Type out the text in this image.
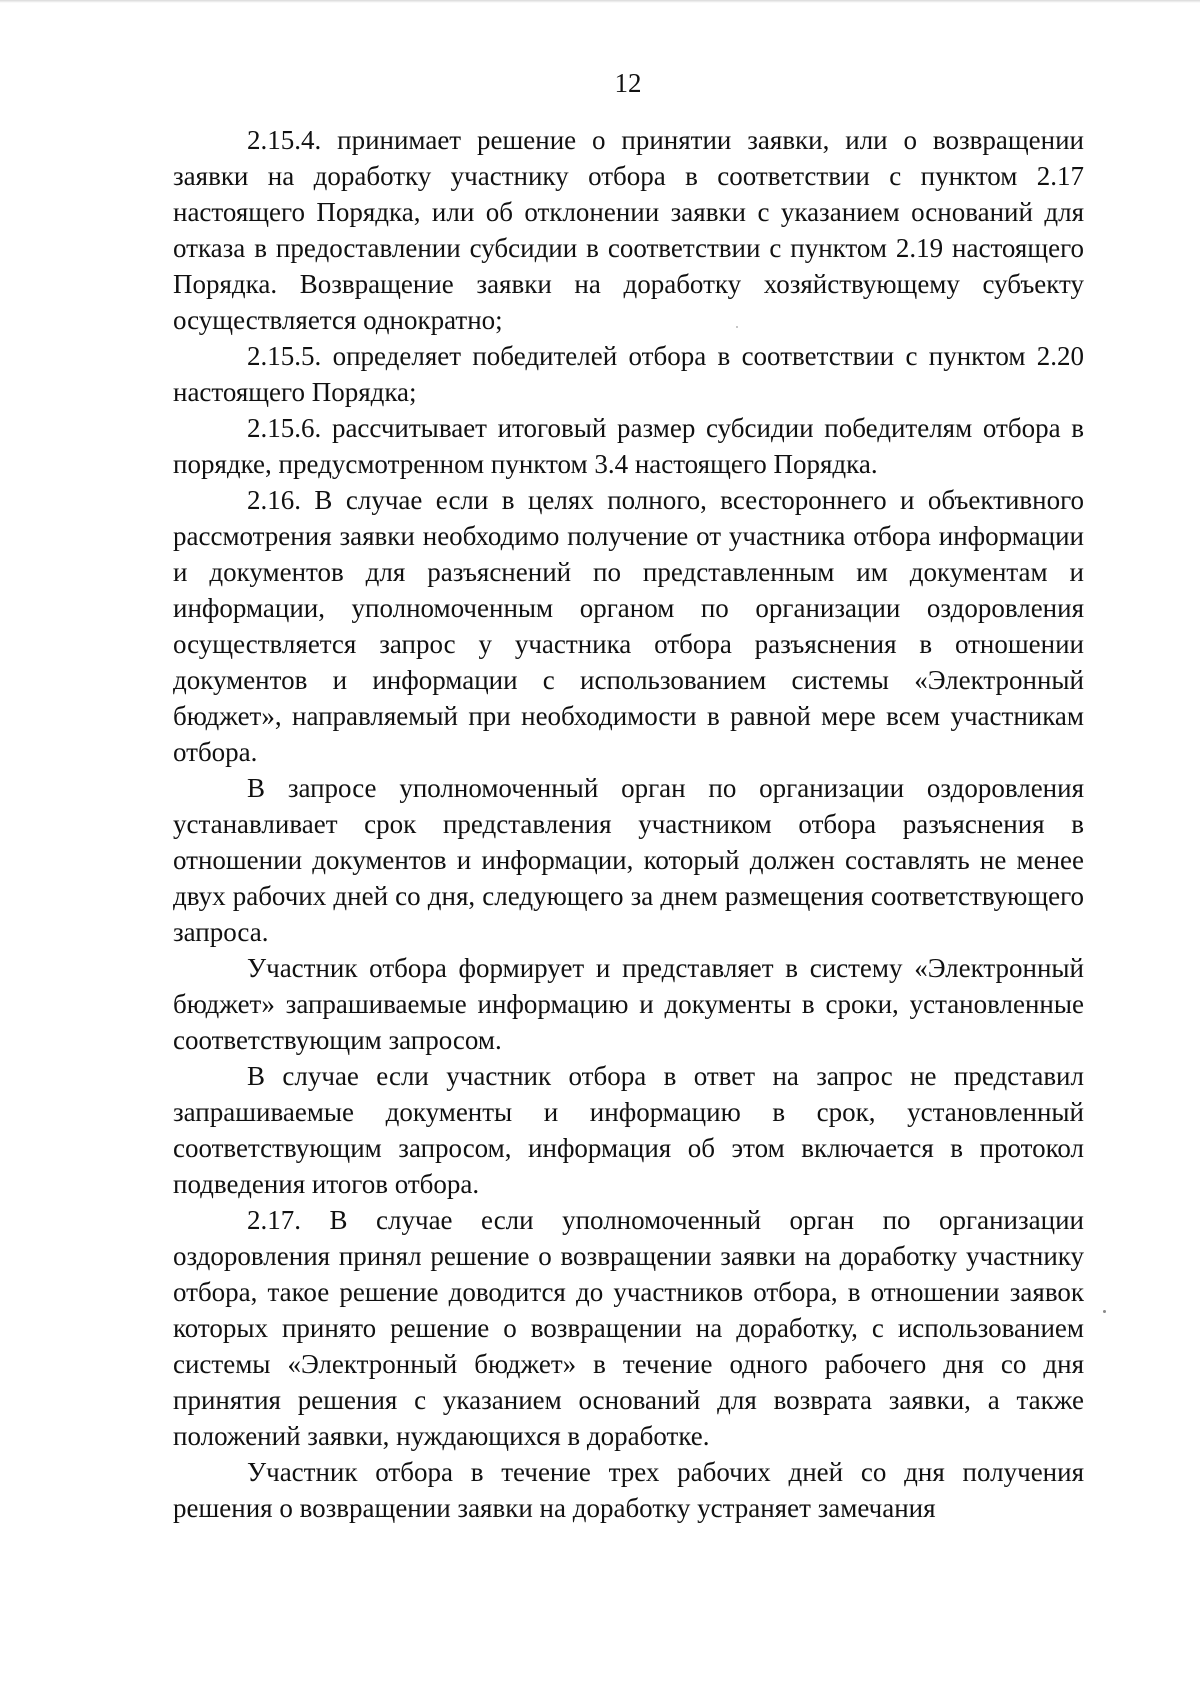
12

2.15.4. принимает решение о принятии заявки, или о возвращении заявки на доработку участнику отбора в соответствии с пунктом 2.17 настоящего Порядка, или об отклонении заявки с указанием оснований для отказа в предоставлении субсидии в соответствии с пунктом 2.19 настоящего Порядка. Возвращение заявки на доработку хозяйствующему субъекту осуществляется однократно;

2.15.5. определяет победителей отбора в соответствии с пунктом 2.20 настоящего Порядка;

2.15.6. рассчитывает итоговый размер субсидии победителям отбора в порядке, предусмотренном пунктом 3.4 настоящего Порядка.

2.16. В случае если в целях полного, всестороннего и объективного рассмотрения заявки необходимо получение от участника отбора информации и документов для разъяснений по представленным им документам и информации, уполномоченным органом по организации оздоровления осуществляется запрос у участника отбора разъяснения в отношении документов и информации с использованием системы «Электронный бюджет», направляемый при необходимости в равной мере всем участникам отбора.

В запросе уполномоченный орган по организации оздоровления устанавливает срок представления участником отбора разъяснения в отношении документов и информации, который должен составлять не менее двух рабочих дней со дня, следующего за днем размещения соответствующего запроса.

Участник отбора формирует и представляет в систему «Электронный бюджет» запрашиваемые информацию и документы в сроки, установленные соответствующим запросом.

В случае если участник отбора в ответ на запрос не представил запрашиваемые документы и информацию в срок, установленный соответствующим запросом, информация об этом включается в протокол подведения итогов отбора.

2.17. В случае если уполномоченный орган по организации оздоровления принял решение о возвращении заявки на доработку участнику отбора, такое решение доводится до участников отбора, в отношении заявок которых принято решение о возвращении на доработку, с использованием системы «Электронный бюджет» в течение одного рабочего дня со дня принятия решения с указанием оснований для возврата заявки, а также положений заявки, нуждающихся в доработке.

Участник отбора в течение трех рабочих дней со дня получения решения о возвращении заявки на доработку устраняет замечания
